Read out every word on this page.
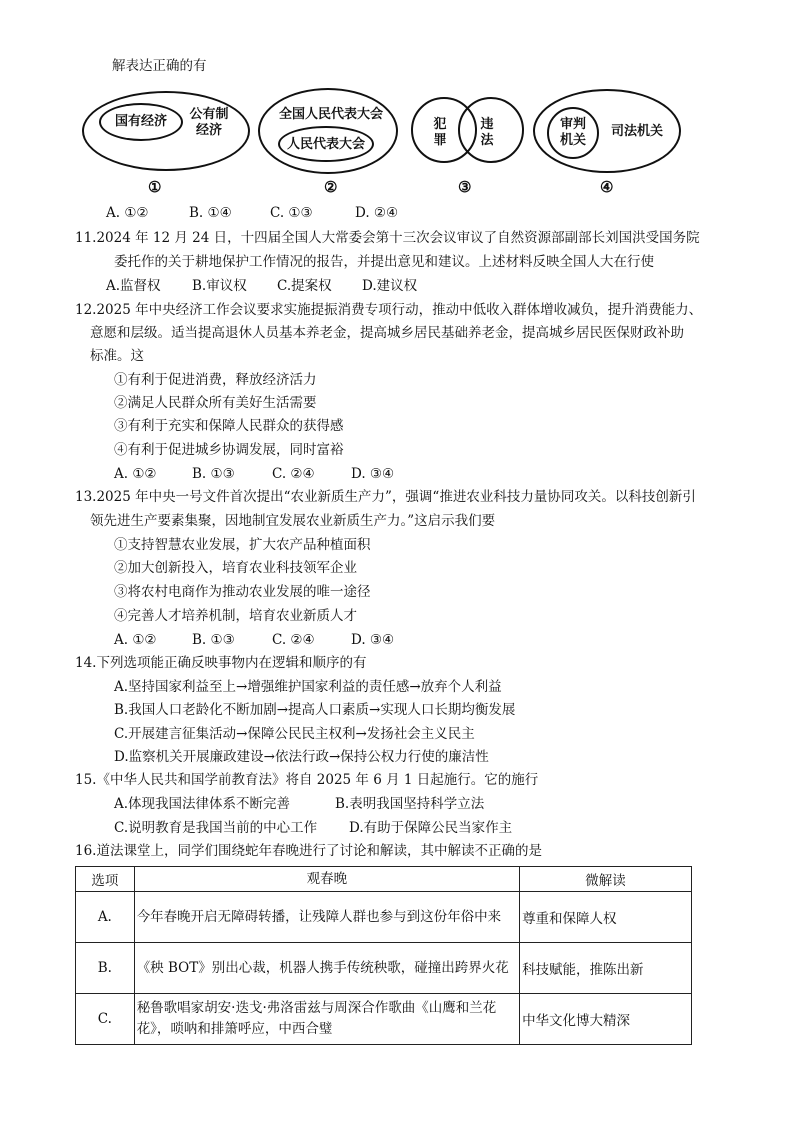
解表达正确的有
国有经济	公有制
经济
①
全国人民代表大会
人民代表大会
②
犯
罪
违
法
③
审判
机关
司法机关
④
A. ①②	B. ①④	C. ①③	D. ②④
11.2024 年 12 月 24 日，十四届全国人大常委会第十三次会议审议了自然资源部副部长刘国洪受国务院
委托作的关于耕地保护工作情况的报告，并提出意见和建议。上述材料反映全国人大在行使
A.监督权 B.审议权 C.提案权 D.建议权
12.2025 年中央经济工作会议要求实施提振消费专项行动，推动中低收入群体增收减负，提升消费能力、
意愿和层级。适当提高退休人员基本养老金，提高城乡居民基础养老金，提高城乡居民医保财政补助
标准。这
①有利于促进消费，释放经济活力
②满足人民群众所有美好生活需要
③有利于充实和保障人民群众的获得感
④有利于促进城乡协调发展，同时富裕
A. ①②	B. ①③	C. ②④	D. ③④
13.2025 年中央一号文件首次提出“农业新质生产力”，强调“推进农业科技力量协同攻关。以科技创新引
领先进生产要素集聚，因地制宜发展农业新质生产力。”这启示我们要
①支持智慧农业发展，扩大农产品种植面积
②加大创新投入，培育农业科技领军企业
③将农村电商作为推动农业发展的唯一途径
④完善人才培养机制，培育农业新质人才
A. ①②	B. ①③	C. ②④	D. ③④
14.下列选项能正确反映事物内在逻辑和顺序的有
A.坚持国家利益至上→增强维护国家利益的责任感→放弃个人利益
B.我国人口老龄化不断加剧→提高人口素质→实现人口长期均衡发展
C.开展建言征集活动→保障公民民主权利→发扬社会主义民主
D.监察机关开展廉政建设→依法行政→保持公权力行使的廉洁性
15.《中华人民共和国学前教育法》将自 2025 年 6 月 1 日起施行。它的施行
A.体现我国法律体系不断完善	B.表明我国坚持科学立法
C.说明教育是我国当前的中心工作 D.有助于保障公民当家作主
16.道法课堂上，同学们围绕蛇年春晚进行了讨论和解读，其中解读不正确的是
选项	观春晚	微解读
A.	今年春晚开启无障碍转播，让残障人群也参与到这份年俗中来	尊重和保障人权
B.	《秧 BOT》别出心裁，机器人携手传统秧歌，碰撞出跨界火花	科技赋能，推陈出新
C.	秘鲁歌唱家胡安·迭戈·弗洛雷兹与周深合作歌曲《山鹰和兰花花》，唢呐和排箫呼应，中西合璧	中华文化博大精深
